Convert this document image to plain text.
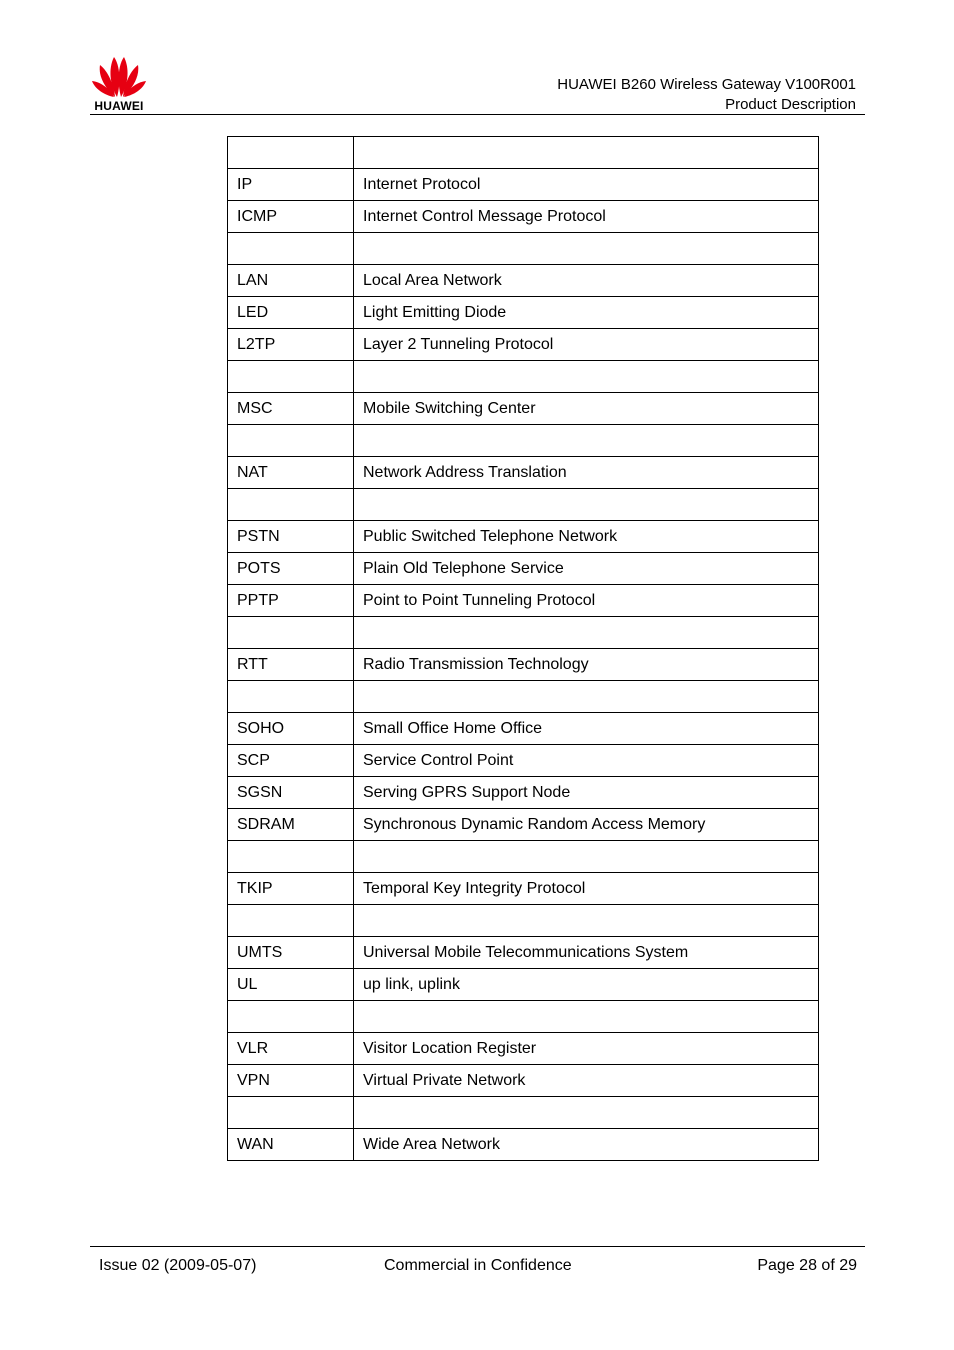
HUAWEI
HUAWEI B260 Wireless Gateway V100R001
Product Description

IP	Internet Protocol
ICMP	Internet Control Message Protocol

LAN	Local Area Network
LED	Light Emitting Diode
L2TP	Layer 2 Tunneling Protocol

MSC	Mobile Switching Center

NAT	Network Address Translation

PSTN	Public Switched Telephone Network
POTS	Plain Old Telephone Service
PPTP	Point to Point Tunneling Protocol

RTT	Radio Transmission Technology

SOHO	Small Office Home Office
SCP	Service Control Point
SGSN	Serving GPRS Support Node
SDRAM	Synchronous Dynamic Random Access Memory

TKIP	Temporal Key Integrity Protocol

UMTS	Universal Mobile Telecommunications System
UL	up link, uplink

VLR	Visitor Location Register
VPN	Virtual Private Network

WAN	Wide Area Network
Issue 02 (2009-05-07)	Commercial in Confidence	Page 28 of 29
